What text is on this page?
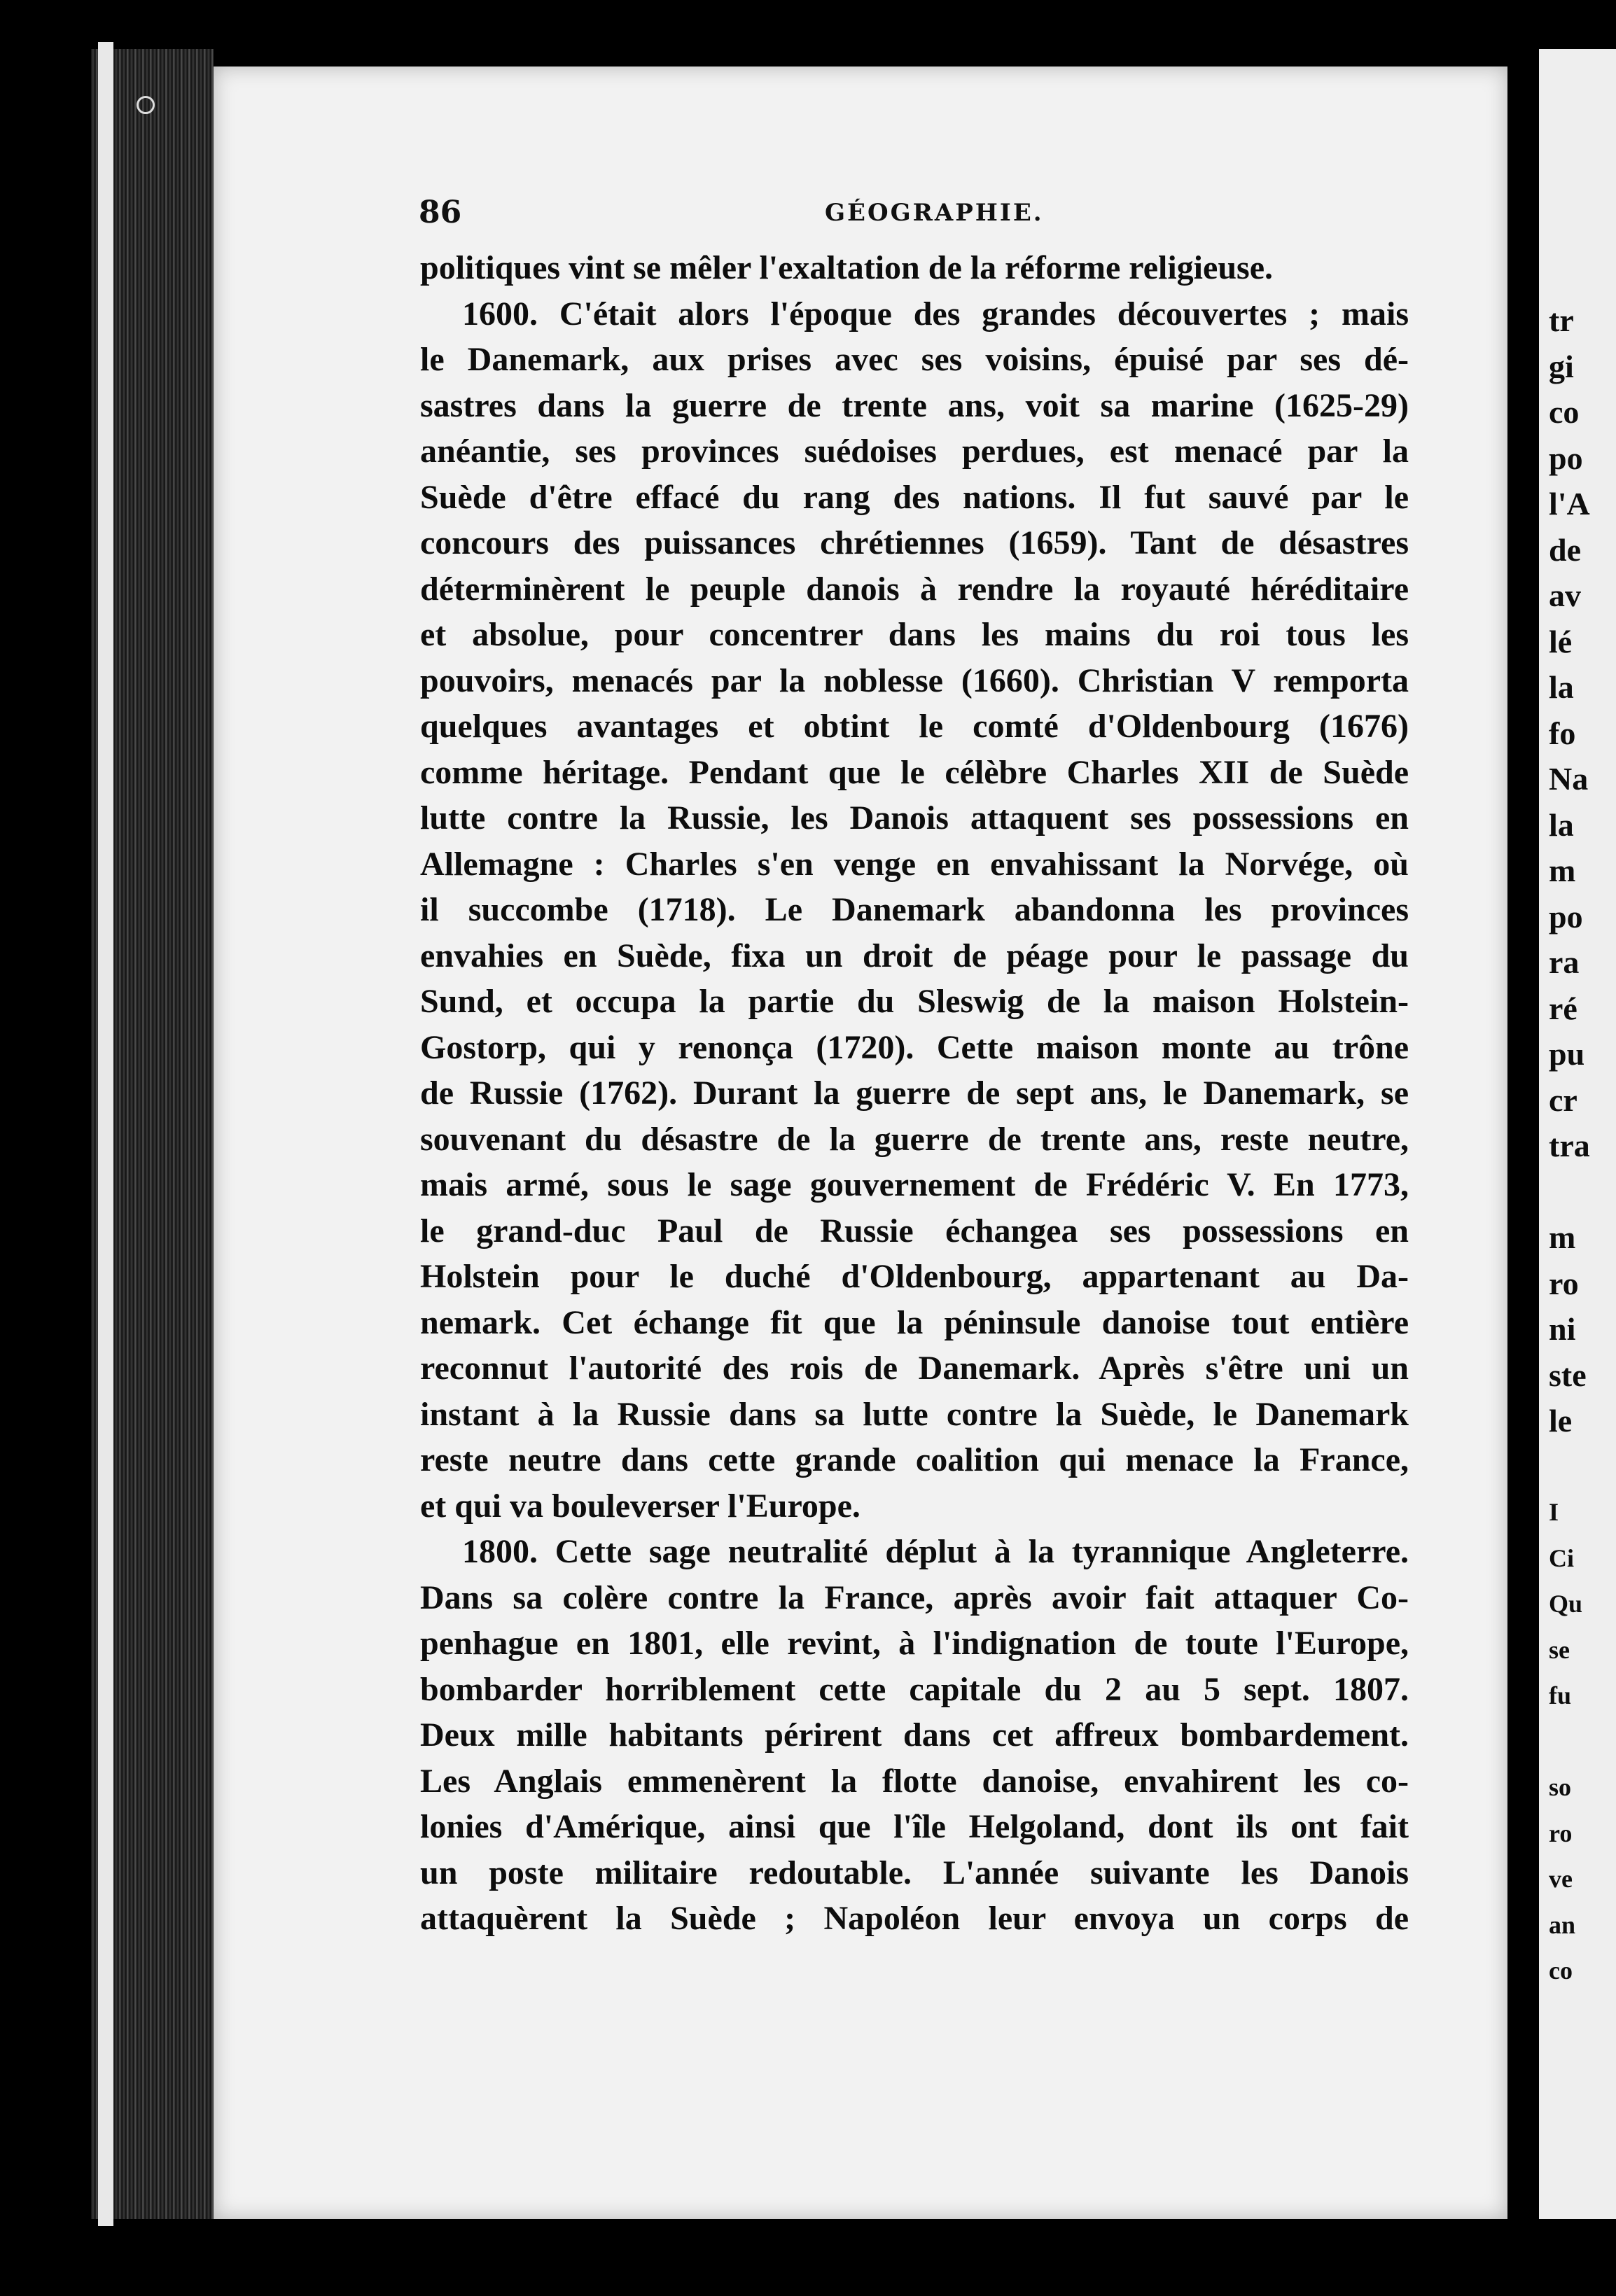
86	GÉOGRAPHIE.
politiques vint se mêler l'exaltation de la réforme religieuse.
1600. C'était alors l'époque des grandes découvertes ; mais
le Danemark, aux prises avec ses voisins, épuisé par ses dé-
sastres dans la guerre de trente ans, voit sa marine (1625-29)
anéantie, ses provinces suédoises perdues, est menacé par la
Suède d'être effacé du rang des nations. Il fut sauvé par le
concours des puissances chrétiennes (1659). Tant de désastres
déterminèrent le peuple danois à rendre la royauté héréditaire
et absolue, pour concentrer dans les mains du roi tous les
pouvoirs, menacés par la noblesse (1660). Christian V remporta
quelques avantages et obtint le comté d'Oldenbourg (1676)
comme héritage. Pendant que le célèbre Charles XII de Suède
lutte contre la Russie, les Danois attaquent ses possessions en
Allemagne : Charles s'en venge en envahissant la Norvége, où
il succombe (1718). Le Danemark abandonna les provinces
envahies en Suède, fixa un droit de péage pour le passage du
Sund, et occupa la partie du Sleswig de la maison Holstein-
Gostorp, qui y renonça (1720). Cette maison monte au trône
de Russie (1762). Durant la guerre de sept ans, le Danemark, se
souvenant du désastre de la guerre de trente ans, reste neutre,
mais armé, sous le sage gouvernement de Frédéric V. En 1773,
le grand-duc Paul de Russie échangea ses possessions en
Holstein pour le duché d'Oldenbourg, appartenant au Da-
nemark. Cet échange fit que la péninsule danoise tout entière
reconnut l'autorité des rois de Danemark. Après s'être uni un
instant à la Russie dans sa lutte contre la Suède, le Danemark
reste neutre dans cette grande coalition qui menace la France,
et qui va bouleverser l'Europe.
1800. Cette sage neutralité déplut à la tyrannique Angleterre.
Dans sa colère contre la France, après avoir fait attaquer Co-
penhague en 1801, elle revint, à l'indignation de toute l'Europe,
bombarder horriblement cette capitale du 2 au 5 sept. 1807.
Deux mille habitants périrent dans cet affreux bombardement.
Les Anglais emmenèrent la flotte danoise, envahirent les co-
lonies d'Amérique, ainsi que l'île Helgoland, dont ils ont fait
un poste militaire redoutable. L'année suivante les Danois
attaquèrent la Suède ; Napoléon leur envoya un corps de
tr
gi
co
po
l'A
de
av
lé
la
fo
Na
la
m
po
ra
ré
pu
cr
tra
m
ro
ni
ste
le
I
Ci
Qu
se
fu
so
ro
ve
an
co
